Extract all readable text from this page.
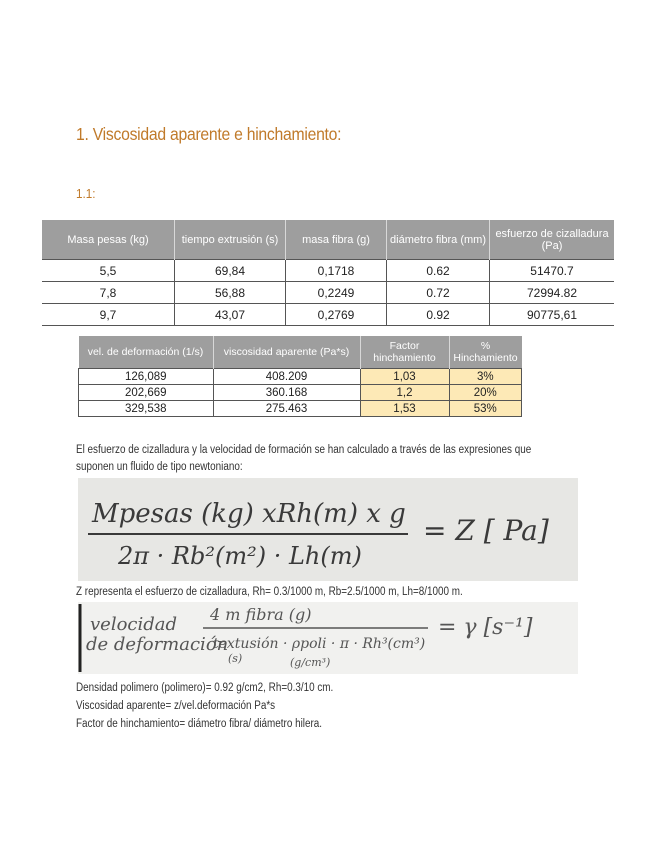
1. Viscosidad aparente e hinchamiento:
1.1:
Masa pesas (kg)	tiempo extrusión (s)	masa fibra (g)	diámetro fibra (mm)	esfuerzo de cizalladura (Pa)
5,5	69,84	0,1718	0.62	51470.7
7,8	56,88	0,2249	0.72	72994.82
9,7	43,07	0,2769	0.92	90775,61
vel. de deformación (1/s)	viscosidad aparente (Pa*s)	Factor hinchamiento	% Hinchamiento
126,089	408.209	1,03	3%
202,669	360.168	1,2	20%
329,538	275.463	1,53	53%
El esfuerzo de cizalladura y la velocidad de formación se han calculado a través de las expresiones que
suponen un fluido de tipo newtoniano:
Mpesas (kg) xRh(m) x g
2π · Rb²(m²) · Lh(m)
= Z [ Pa]
Z representa el esfuerzo de cizalladura, Rh= 0.3/1000 m, Rb=2.5/1000 m, Lh=8/1000 m.
velocidad
de deformación
4 m fibra (g)
textusión · ρpoli · π · Rh³(cm³)
(s)	(g/cm³)
= γ [s⁻¹]
Densidad polimero (polimero)= 0.92 g/cm2, Rh=0.3/10 cm.
Viscosidad aparente= z/vel.deformación Pa*s
Factor de hinchamiento= diámetro fibra/ diámetro hilera.
